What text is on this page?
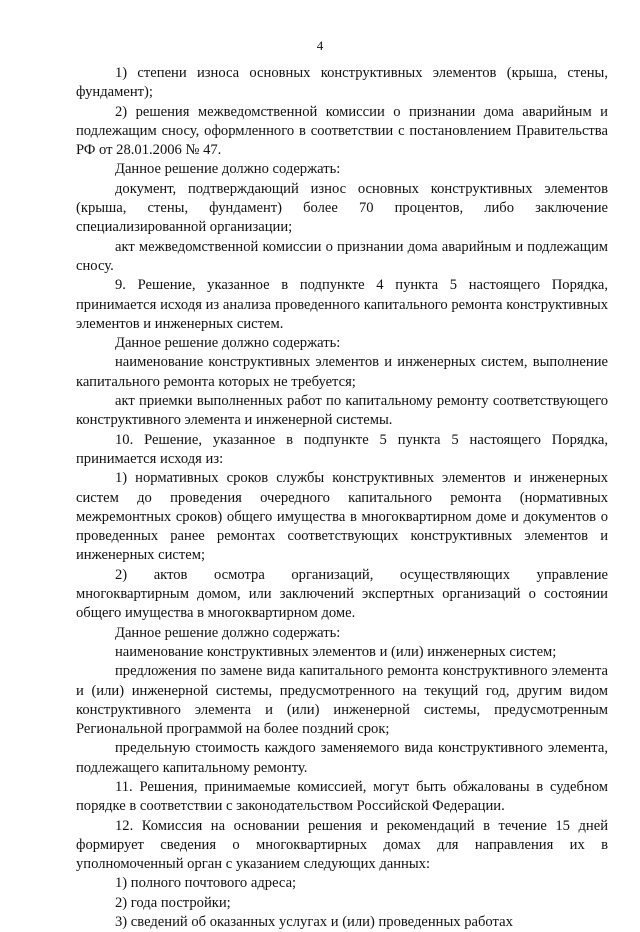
4

1) степени износа основных конструктивных элементов (крыша, стены, фундамент);

2) решения межведомственной комиссии о признании дома аварийным и подлежащим сносу, оформленного в соответствии с постановлением Правительства РФ от 28.01.2006 № 47.

Данное решение должно содержать:

документ, подтверждающий износ основных конструктивных элементов (крыша, стены, фундамент) более 70 процентов, либо заключение специализированной организации;

акт межведомственной комиссии о признании дома аварийным и подлежащим сносу.

9. Решение, указанное в подпункте 4 пункта 5 настоящего Порядка, принимается исходя из анализа проведенного капитального ремонта конструктивных элементов и инженерных систем.

Данное решение должно содержать:

наименование конструктивных элементов и инженерных систем, выполнение капитального ремонта которых не требуется;

акт приемки выполненных работ по капитальному ремонту соответствующего конструктивного элемента и инженерной системы.

10. Решение, указанное в подпункте 5 пункта 5 настоящего Порядка, принимается исходя из:

1) нормативных сроков службы конструктивных элементов и инженерных систем до проведения очередного капитального ремонта (нормативных межремонтных сроков) общего имущества в многоквартирном доме и документов о проведенных ранее ремонтах соответствующих конструктивных элементов и инженерных систем;

2) актов осмотра организаций, осуществляющих управление многоквартирным домом, или заключений экспертных организаций о состоянии общего имущества в многоквартирном доме.

Данное решение должно содержать:

наименование конструктивных элементов и (или) инженерных систем;

предложения по замене вида капитального ремонта конструктивного элемента и (или) инженерной системы, предусмотренного на текущий год, другим видом конструктивного элемента и (или) инженерной системы, предусмотренным Региональной программой на более поздний срок;

предельную стоимость каждого заменяемого вида конструктивного элемента, подлежащего капитальному ремонту.

11. Решения, принимаемые комиссией, могут быть обжалованы в судебном порядке в соответствии с законодательством Российской Федерации.

12. Комиссия на основании решения и рекомендаций в течение 15 дней формирует сведения о многоквартирных домах для направления их в уполномоченный орган с указанием следующих данных:

1) полного почтового адреса;

2) года постройки;

3) сведений об оказанных услугах и (или) проведенных работах
